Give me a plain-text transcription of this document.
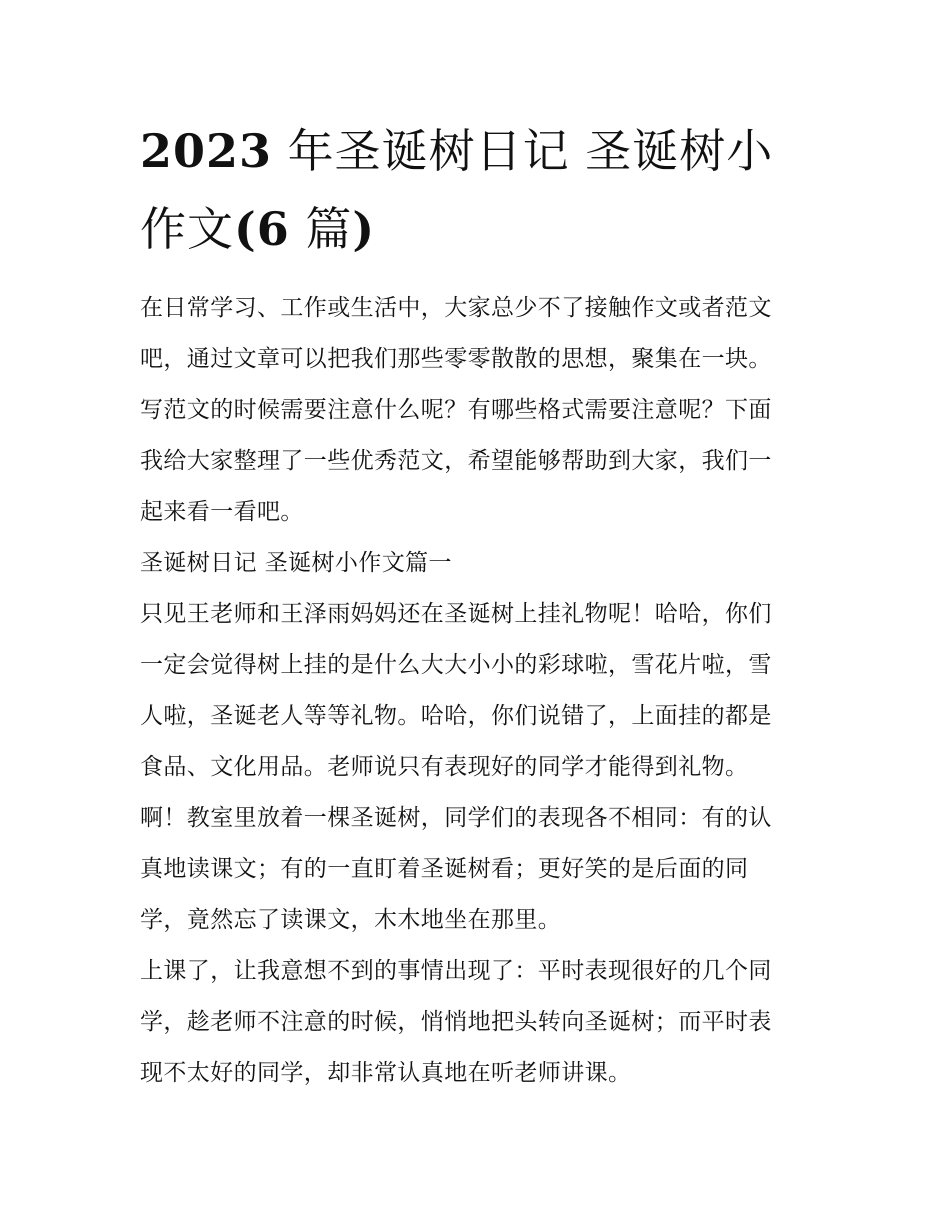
2023 年圣诞树日记 圣诞树小
作文(6 篇)

在日常学习、工作或生活中，大家总少不了接触作文或者范文
吧，通过文章可以把我们那些零零散散的思想，聚集在一块。
写范文的时候需要注意什么呢？有哪些格式需要注意呢？下面
我给大家整理了一些优秀范文，希望能够帮助到大家，我们一
起来看一看吧。

圣诞树日记 圣诞树小作文篇一

只见王老师和王泽雨妈妈还在圣诞树上挂礼物呢！哈哈，你们
一定会觉得树上挂的是什么大大小小的彩球啦，雪花片啦，雪
人啦，圣诞老人等等礼物。哈哈，你们说错了，上面挂的都是
食品、文化用品。老师说只有表现好的同学才能得到礼物。

啊！教室里放着一棵圣诞树，同学们的表现各不相同：有的认
真地读课文；有的一直盯着圣诞树看；更好笑的是后面的同
学，竟然忘了读课文，木木地坐在那里。

上课了，让我意想不到的事情出现了：平时表现很好的几个同
学，趁老师不注意的时候，悄悄地把头转向圣诞树；而平时表
现不太好的同学，却非常认真地在听老师讲课。
